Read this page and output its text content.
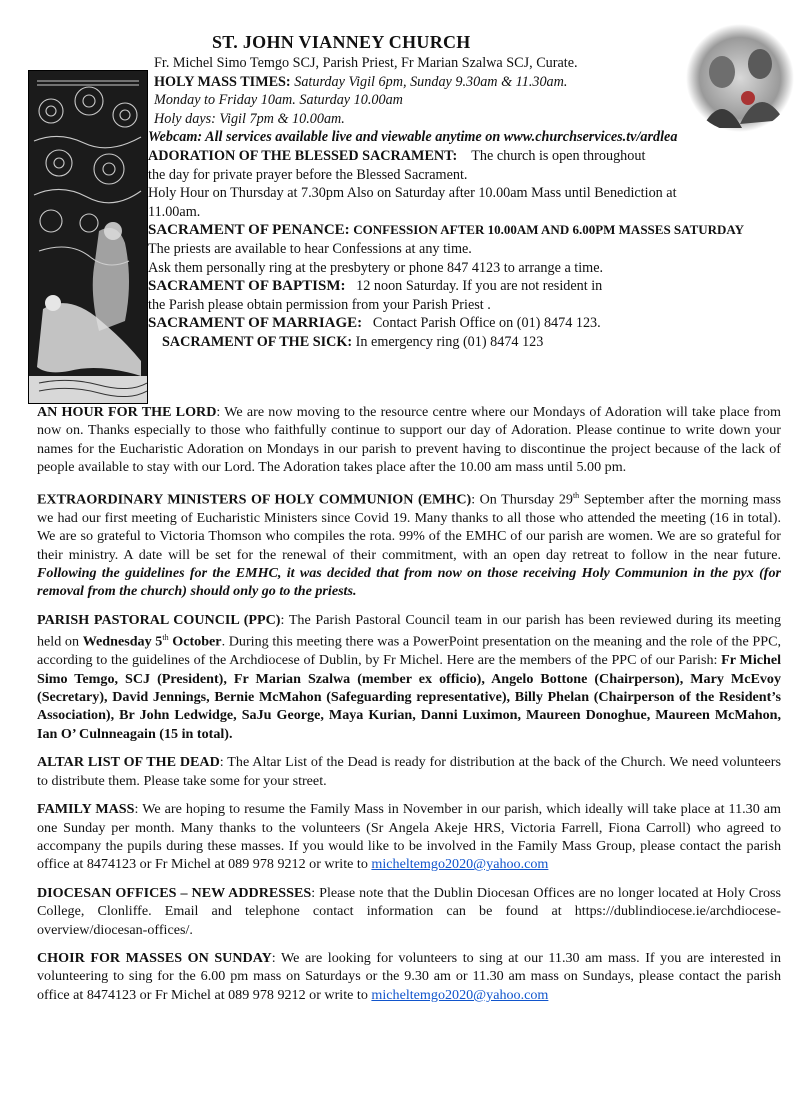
ST. JOHN VIANNEY CHURCH
Fr. Michel Simo Temgo SCJ, Parish Priest, Fr Marian Szalwa SCJ, Curate.
HOLY MASS TIMES: Saturday Vigil 6pm, Sunday 9.30am & 11.30am.
Monday to Friday 10am. Saturday 10.00am
Holy days: Vigil 7pm & 10.00am.
Webcam: All services available live and viewable anytime on www.churchservices.tv/ardlea
ADORATION OF THE BLESSED SACRAMENT: The church is open throughout
the day for private prayer before the Blessed Sacrament.
Holy Hour on Thursday at 7.30pm Also on Saturday after 10.00am Mass until Benediction at
11.00am.
SACRAMENT OF PENANCE: CONFESSION AFTER 10.00AM AND 6.00PM MASSES SATURDAY
The priests are available to hear Confessions at any time.
Ask them personally ring at the presbytery or phone 847 4123 to arrange a time.
SACRAMENT OF BAPTISM: 12 noon Saturday. If you are not resident in
the Parish please obtain permission from your Parish Priest .
SACRAMENT OF MARRIAGE: Contact Parish Office on (01) 8474 123.
SACRAMENT OF THE SICK: In emergency ring (01) 8474 123

AN HOUR FOR THE LORD: We are now moving to the resource centre where our Mondays of Adoration will take place from now on. Thanks especially to those who faithfully continue to support our day of Adoration. Please continue to write down your names for the Eucharistic Adoration on Mondays in our parish to prevent having to discontinue the project because of the lack of people available to stay with our Lord. The Adoration takes place after the 10.00 am mass until 5.00 pm.

EXTRAORDINARY MINISTERS OF HOLY COMMUNION (EMHC): On Thursday 29th September after the morning mass we had our first meeting of Eucharistic Ministers since Covid 19. Many thanks to all those who attended the meeting (16 in total). We are so grateful to Victoria Thomson who compiles the rota. 99% of the EMHC of our parish are women. We are so grateful for their ministry. A date will be set for the renewal of their commitment, with an open day retreat to follow in the near future. Following the guidelines for the EMHC, it was decided that from now on those receiving Holy Communion in the pyx (for removal from the church) should only go to the priests.

PARISH PASTORAL COUNCIL (PPC): The Parish Pastoral Council team in our parish has been reviewed during its meeting held on Wednesday 5th October. During this meeting there was a PowerPoint presentation on the meaning and the role of the PPC, according to the guidelines of the Archdiocese of Dublin, by Fr Michel. Here are the members of the PPC of our Parish: Fr Michel Simo Temgo, SCJ (President), Fr Marian Szalwa (member ex officio), Angelo Bottone (Chairperson), Mary McEvoy (Secretary), David Jennings, Bernie McMahon (Safeguarding representative), Billy Phelan (Chairperson of the Resident’s Association), Br John Ledwidge, SaJu George, Maya Kurian, Danni Luximon, Maureen Donoghue, Maureen McMahon, Ian O’ Culnneagain (15 in total).

ALTAR LIST OF THE DEAD: The Altar List of the Dead is ready for distribution at the back of the Church. We need volunteers to distribute them. Please take some for your street.

FAMILY MASS: We are hoping to resume the Family Mass in November in our parish, which ideally will take place at 11.30 am one Sunday per month. Many thanks to the volunteers (Sr Angela Akeje HRS, Victoria Farrell, Fiona Carroll) who agreed to accompany the pupils during these masses. If you would like to be involved in the Family Mass Group, please contact the parish office at 8474123 or Fr Michel at 089 978 9212 or write to micheltemgo2020@yahoo.com

DIOCESAN OFFICES – NEW ADDRESSES: Please note that the Dublin Diocesan Offices are no longer located at Holy Cross College, Clonliffe. Email and telephone contact information can be found at https://dublindiocese.ie/archdiocese-overview/diocesan-offices/.

CHOIR FOR MASSES ON SUNDAY: We are looking for volunteers to sing at our 11.30 am mass. If you are interested in volunteering to sing for the 6.00 pm mass on Saturdays or the 9.30 am or 11.30 am mass on Sundays, please contact the parish office at 8474123 or Fr Michel at 089 978 9212 or write to micheltemgo2020@yahoo.com
